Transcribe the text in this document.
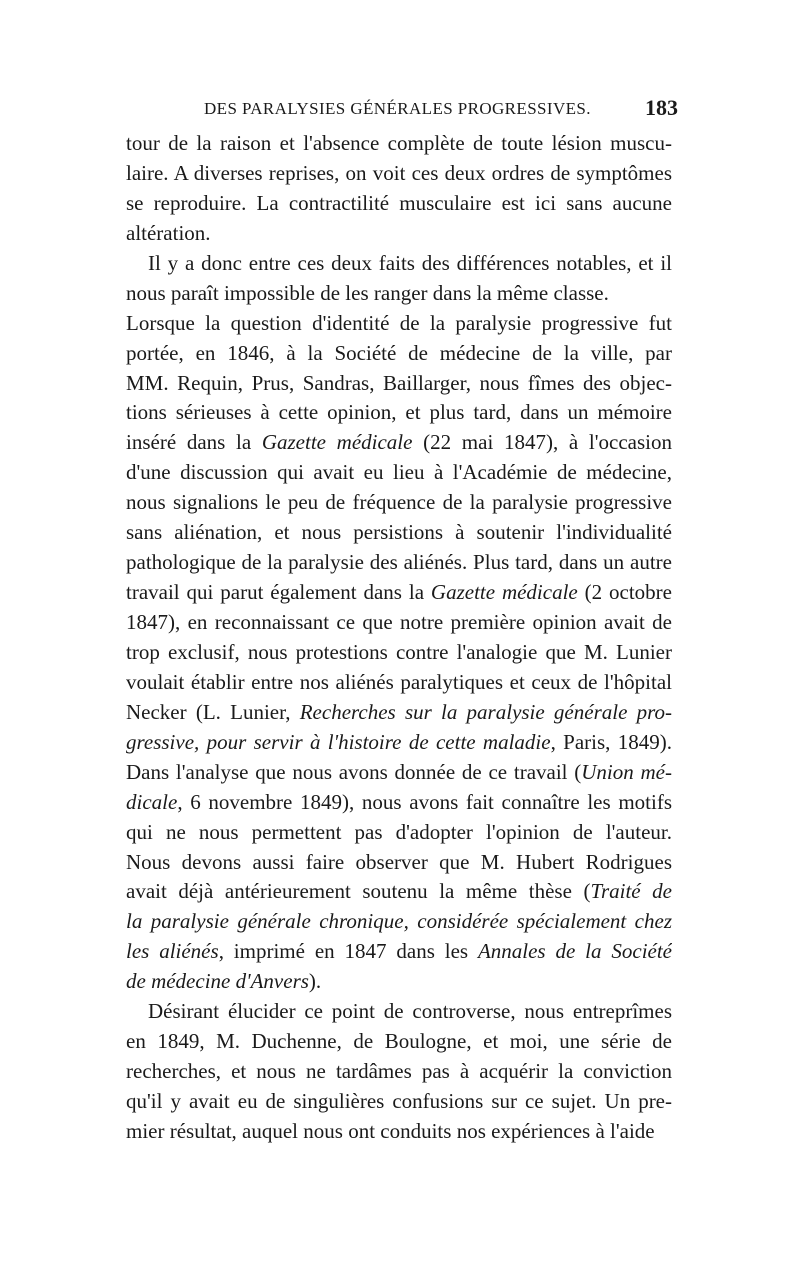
DES PARALYSIES GÉNÉRALES PROGRESSIVES. 183
tour de la raison et l'absence complète de toute lésion muscu-
laire. A diverses reprises, on voit ces deux ordres de symptômes
se reproduire. La contractilité musculaire est ici sans aucune
altération.
Il y a donc entre ces deux faits des différences notables, et il
nous paraît impossible de les ranger dans la même classe.
Lorsque la question d'identité de la paralysie progressive fut
portée, en 1846, à la Société de médecine de la ville, par
MM. Requin, Prus, Sandras, Baillarger, nous fîmes des objec-
tions sérieuses à cette opinion, et plus tard, dans un mémoire
inséré dans la Gazette médicale (22 mai 1847), à l'occasion
d'une discussion qui avait eu lieu à l'Académie de médecine,
nous signalions le peu de fréquence de la paralysie progressive
sans aliénation, et nous persistions à soutenir l'individualité
pathologique de la paralysie des aliénés. Plus tard, dans un autre
travail qui parut également dans la Gazette médicale (2 octobre
1847), en reconnaissant ce que notre première opinion avait de
trop exclusif, nous protestions contre l'analogie que M. Lunier
voulait établir entre nos aliénés paralytiques et ceux de l'hôpital
Necker (L. Lunier, Recherches sur la paralysie générale pro-
gressive, pour servir à l'histoire de cette maladie, Paris, 1849).
Dans l'analyse que nous avons donnée de ce travail (Union mé-
dicale, 6 novembre 1849), nous avons fait connaître les motifs
qui ne nous permettent pas d'adopter l'opinion de l'auteur.
Nous devons aussi faire observer que M. Hubert Rodrigues
avait déjà antérieurement soutenu la même thèse (Traité de
la paralysie générale chronique, considérée spécialement chez
les aliénés, imprimé en 1847 dans les Annales de la Société
de médecine d'Anvers).
Désirant élucider ce point de controverse, nous entreprîmes
en 1849, M. Duchenne, de Boulogne, et moi, une série de
recherches, et nous ne tardâmes pas à acquérir la conviction
qu'il y avait eu de singulières confusions sur ce sujet. Un pre-
mier résultat, auquel nous ont conduits nos expériences à l'aide
